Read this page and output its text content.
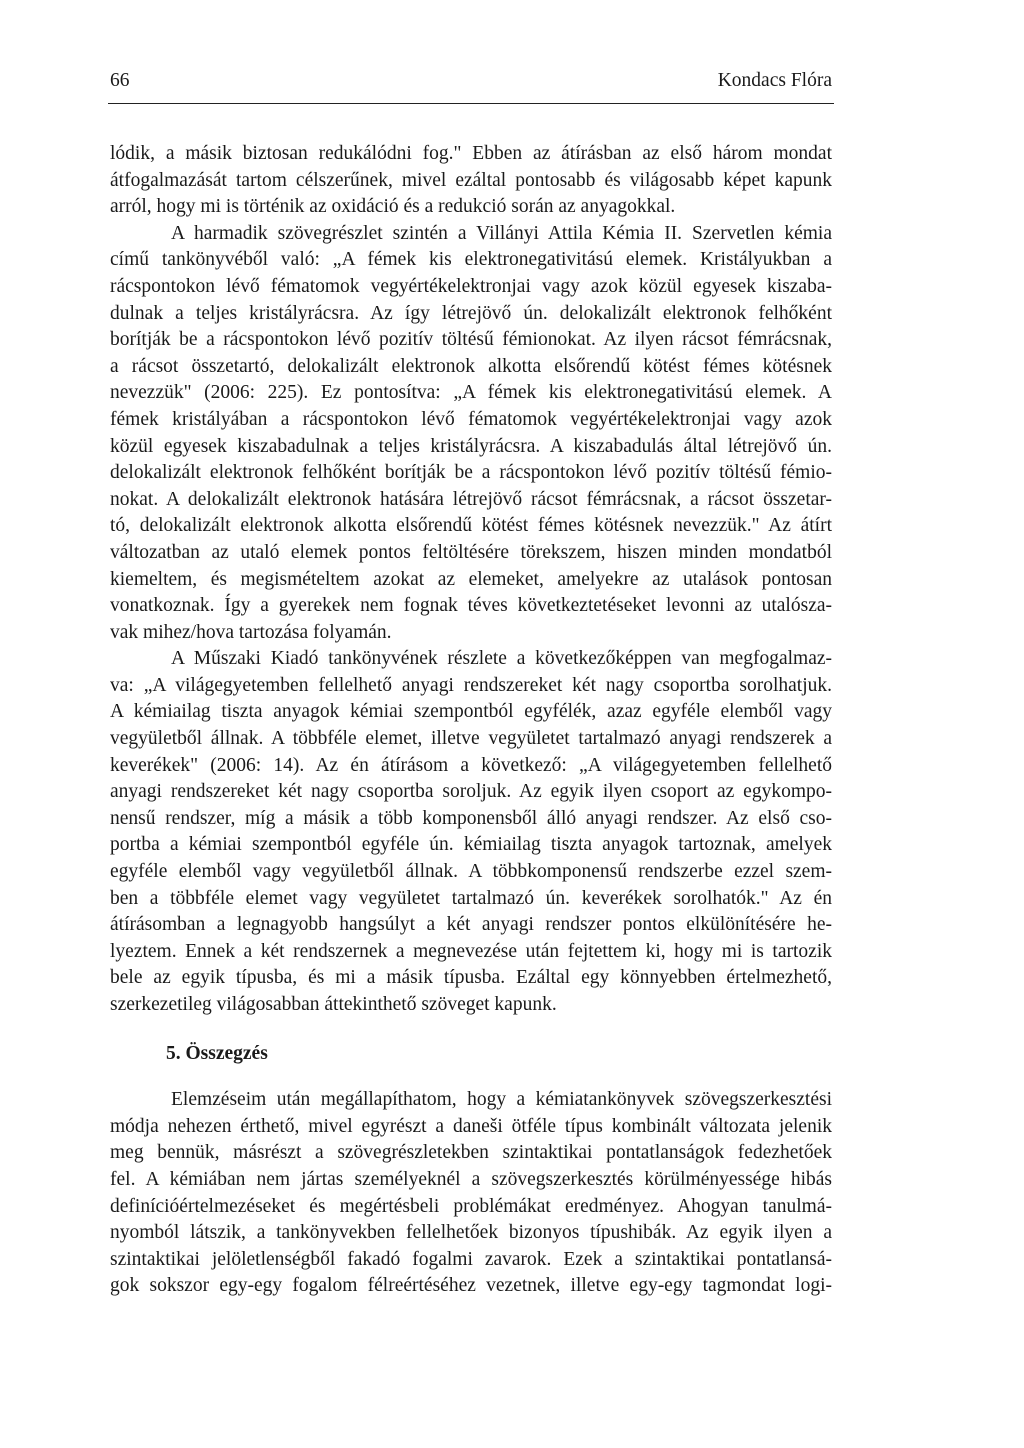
66	Kondacs Flóra
lódik, a másik biztosan redukálódni fog." Ebben az átírásban az első három mondat
átfogalmazását tartom célszerűnek, mivel ezáltal pontosabb és világosabb képet kapunk
arról, hogy mi is történik az oxidáció és a redukció során az anyagokkal.
A harmadik szövegrészlet szintén a Villányi Attila Kémia II. Szervetlen kémia
című tankönyvéből való: „A fémek kis elektronegativitású elemek. Kristályukban a
rácspontokon lévő fématomok vegyértékelektronjai vagy azok közül egyesek kiszaba-
dulnak a teljes kristályrácsra. Az így létrejövő ún. delokalizált elektronok felhőként
borítják be a rácspontokon lévő pozitív töltésű fémionokat. Az ilyen rácsot fémrácsnak,
a rácsot összetartó, delokalizált elektronok alkotta elsőrendű kötést fémes kötésnek
nevezzük" (2006: 225). Ez pontosítva: „A fémek kis elektronegativitású elemek. A
fémek kristályában a rácspontokon lévő fématomok vegyértékelektronjai vagy azok
közül egyesek kiszabadulnak a teljes kristályrácsra. A kiszabadulás által létrejövő ún.
delokalizált elektronok felhőként borítják be a rácspontokon lévő pozitív töltésű fémio-
nokat. A delokalizált elektronok hatására létrejövő rácsot fémrácsnak, a rácsot összetar-
tó, delokalizált elektronok alkotta elsőrendű kötést fémes kötésnek nevezzük." Az átírt
változatban az utaló elemek pontos feltöltésére törekszem, hiszen minden mondatból
kiemeltem, és megismételtem azokat az elemeket, amelyekre az utalások pontosan
vonatkoznak. Így a gyerekek nem fognak téves következtetéseket levonni az utalósza-
vak mihez/hova tartozása folyamán.
A Műszaki Kiadó tankönyvének részlete a következőképpen van megfogalmaz-
va: „A világegyetemben fellelhető anyagi rendszereket két nagy csoportba sorolhatjuk.
A kémiailag tiszta anyagok kémiai szempontból egyfélék, azaz egyféle elemből vagy
vegyületből állnak. A többféle elemet, illetve vegyületet tartalmazó anyagi rendszerek a
keverékek" (2006: 14). Az én átírásom a következő: „A világegyetemben fellelhető
anyagi rendszereket két nagy csoportba soroljuk. Az egyik ilyen csoport az egykompo-
nensű rendszer, míg a másik a több komponensből álló anyagi rendszer. Az első cso-
portba a kémiai szempontból egyféle ún. kémiailag tiszta anyagok tartoznak, amelyek
egyféle elemből vagy vegyületből állnak. A többkomponensű rendszerbe ezzel szem-
ben a többféle elemet vagy vegyületet tartalmazó ún. keverékek sorolhatók." Az én
átírásomban a legnagyobb hangsúlyt a két anyagi rendszer pontos elkülönítésére he-
lyeztem. Ennek a két rendszernek a megnevezése után fejtettem ki, hogy mi is tartozik
bele az egyik típusba, és mi a másik típusba. Ezáltal egy könnyebben értelmezhető,
szerkezetileg világosabban áttekinthető szöveget kapunk.
5. Összegzés
Elemzéseim után megállapíthatom, hogy a kémiatankönyvek szövegszerkesztési
módja nehezen érthető, mivel egyrészt a daneši ötféle típus kombinált változata jelenik
meg bennük, másrészt a szövegrészletekben szintaktikai pontatlanságok fedezhetőek
fel. A kémiában nem jártas személyeknél a szövegszerkesztés körülményessége hibás
definícióértelmezéseket és megértésbeli problémákat eredményez. Ahogyan tanulmá-
nyomból látszik, a tankönyvekben fellelhetőek bizonyos típushibák. Az egyik ilyen a
szintaktikai jelöletlenségből fakadó fogalmi zavarok. Ezek a szintaktikai pontatlansá-
gok sokszor egy-egy fogalom félreértéséhez vezetnek, illetve egy-egy tagmondat logi-
